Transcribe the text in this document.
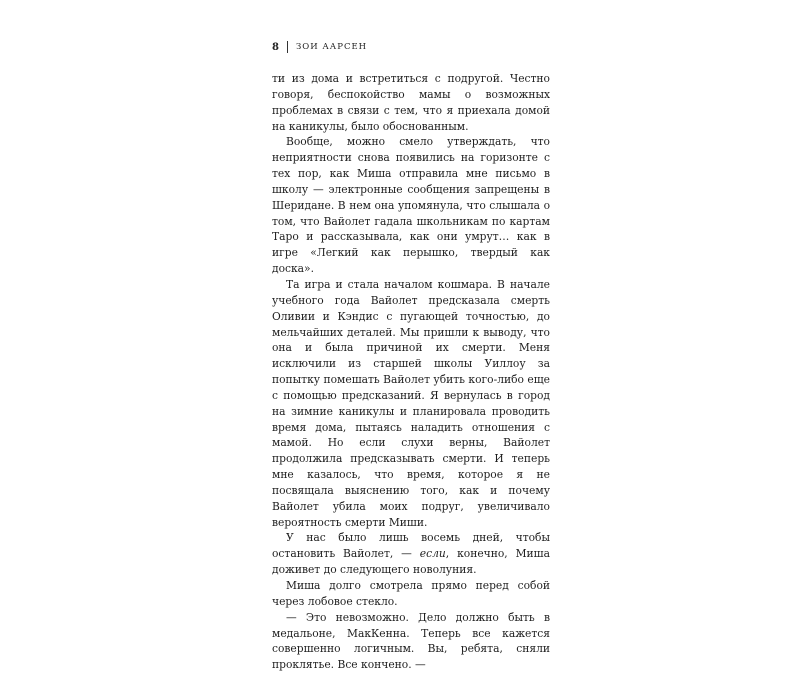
8 ЗОИ ААРСЕН

ти из дома и встретиться с подругой. Честно говоря, беспокойство мамы о возможных проблемах в связи с тем, что я приехала домой на каникулы, было обоснованным.

Вообще, можно смело утверждать, что неприятности снова появились на горизонте с тех пор, как Миша отправила мне письмо в школу — электронные сообщения запрещены в Шеридане. В нем она упомянула, что слышала о том, что Вайолет гадала школьникам по картам Таро и рассказывала, как они умрут… как в игре «Легкий как перышко, твердый как доска».

Та игра и стала началом кошмара. В начале учебного года Вайолет предсказала смерть Оливии и Кэндис с пугающей точностью, до мельчайших деталей. Мы пришли к выводу, что она и была причиной их смерти. Меня исключили из старшей школы Уиллоу за попытку помешать Вайолет убить кого-либо еще с помощью предсказаний. Я вернулась в город на зимние каникулы и планировала проводить время дома, пытаясь наладить отношения с мамой. Но если слухи верны, Вайолет продолжила предсказывать смерти. И теперь мне казалось, что время, которое я не посвящала выяснению того, как и почему Вайолет убила моих подруг, увеличивало вероятность смерти Миши.

У нас было лишь восемь дней, чтобы остановить Вайолет, — если, конечно, Миша доживет до следующего новолуния.

Миша долго смотрела прямо перед собой через лобовое стекло.

— Это невозможно. Дело должно быть в медальоне, МакКенна. Теперь все кажется совершенно логичным. Вы, ребята, сняли проклятье. Все кончено. —
